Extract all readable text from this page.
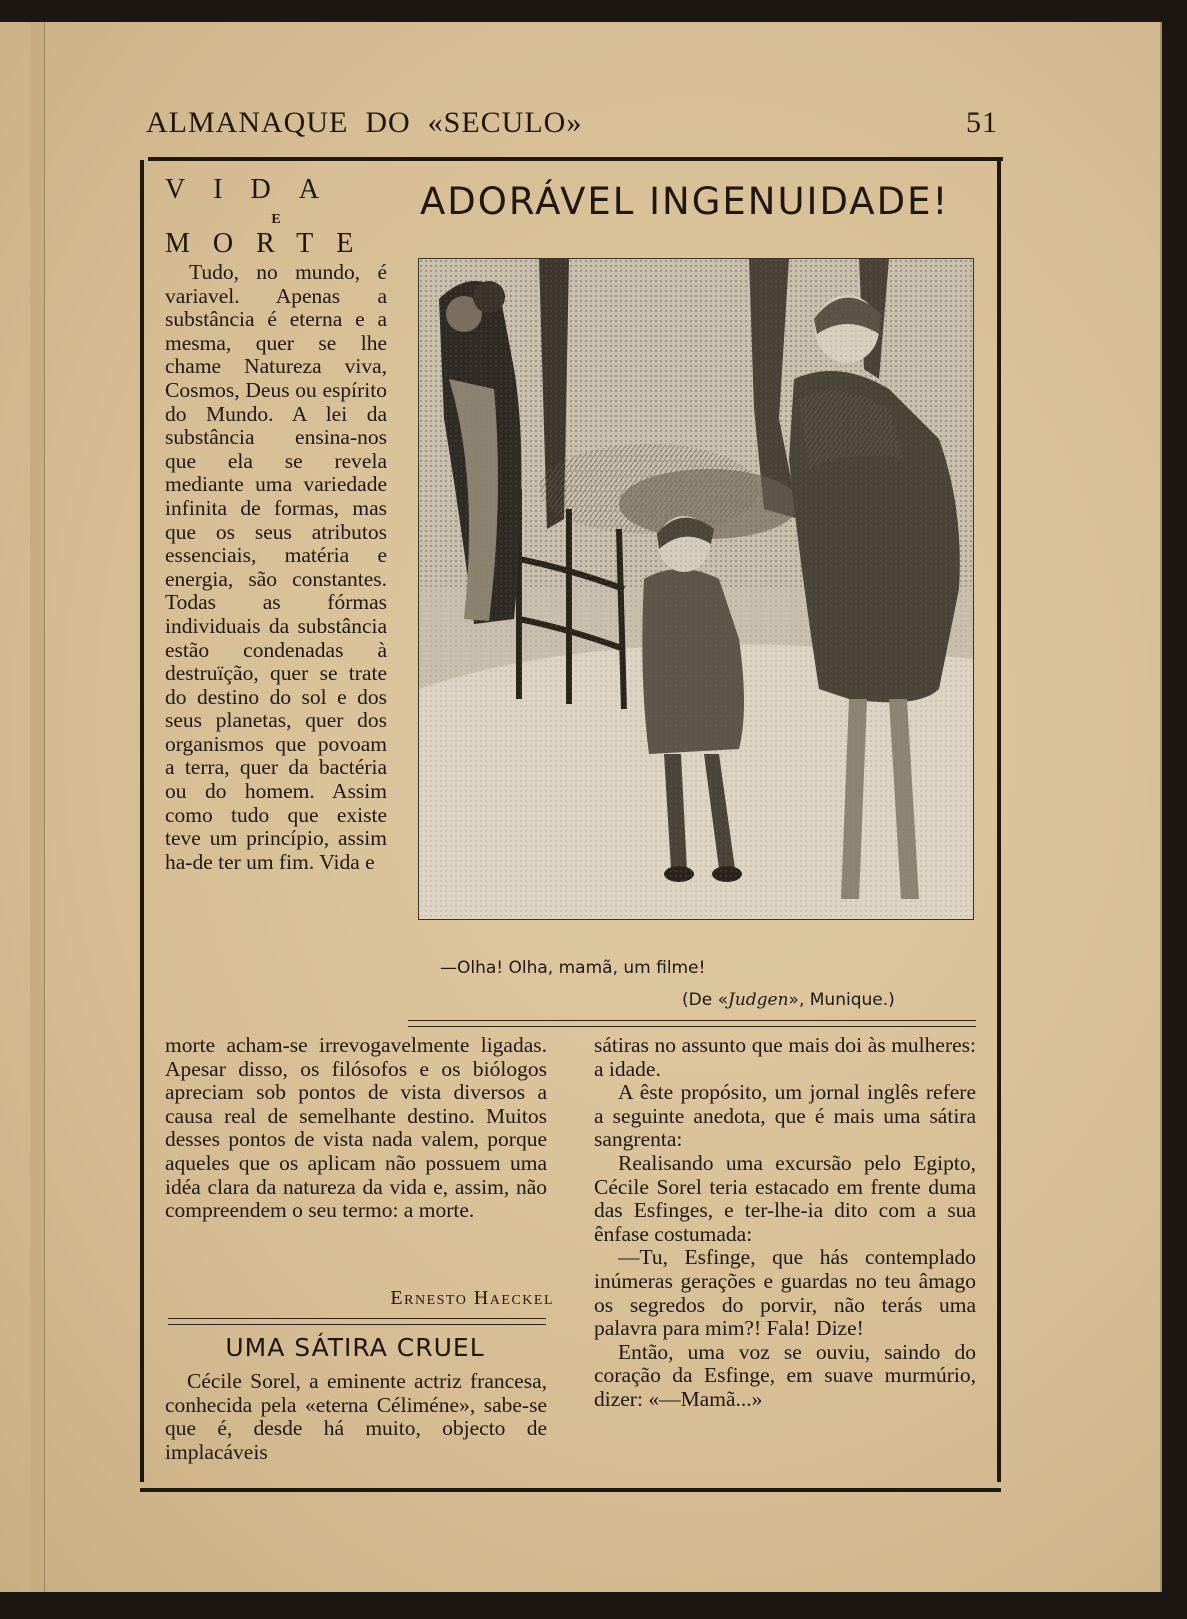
ALMANAQUE  DO  «SECULO»	51
VIDA
E
MORTE

Tudo, no mundo, é variavel. Apenas a substância é eterna e a mesma, quer se lhe chame Natureza viva, Cosmos, Deus ou espírito do Mundo. A lei da substância ensina-nos que ela se revela mediante uma variedade infinita de formas, mas que os seus atributos essenciais, matéria e energia, são constantes. Todas as fórmas individuais da substância estão condenadas à destruïção, quer se trate do destino do sol e dos seus planetas, quer dos organismos que povoam a terra, quer da bactéria ou do homem. Assim como tudo que existe teve um princípio, assim ha-de ter um fim. Vida e

ADORÁVEL INGENUIDADE!
—Olha! Olha, mamã, um filme!
(De «Judgen», Munique.)

morte acham-se irrevogavelmente ligadas. Apesar disso, os filósofos e os biólogos apreciam sob pontos de vista diversos a causa real de semelhante destino. Muitos desses pontos de vista nada valem, porque aqueles que os aplicam não possuem uma idéa clara da natureza da vida e, assim, não compreendem o seu termo: a morte.

Ernesto Haeckel
UMA SÁTIRA CRUEL

Cécile Sorel, a eminente actriz francesa, conhecida pela «eterna Céliméne», sabe-se que é, desde há muito, objecto de implacáveis

sátiras no assunto que mais doi às mulheres: a idade.

A êste propósito, um jornal inglês refere a seguinte anedota, que é mais uma sátira sangrenta:

Realisando uma excursão pelo Egipto, Cécile Sorel teria estacado em frente duma das Esfinges, e ter-lhe-ia dito com a sua ênfase costumada:

—Tu, Esfinge, que hás contemplado inúmeras gerações e guardas no teu âmago os segredos do porvir, não terás uma palavra para mim?! Fala! Dize!

Então, uma voz se ouviu, saindo do coração da Esfinge, em suave murmúrio, dizer: «—Mamã...»
